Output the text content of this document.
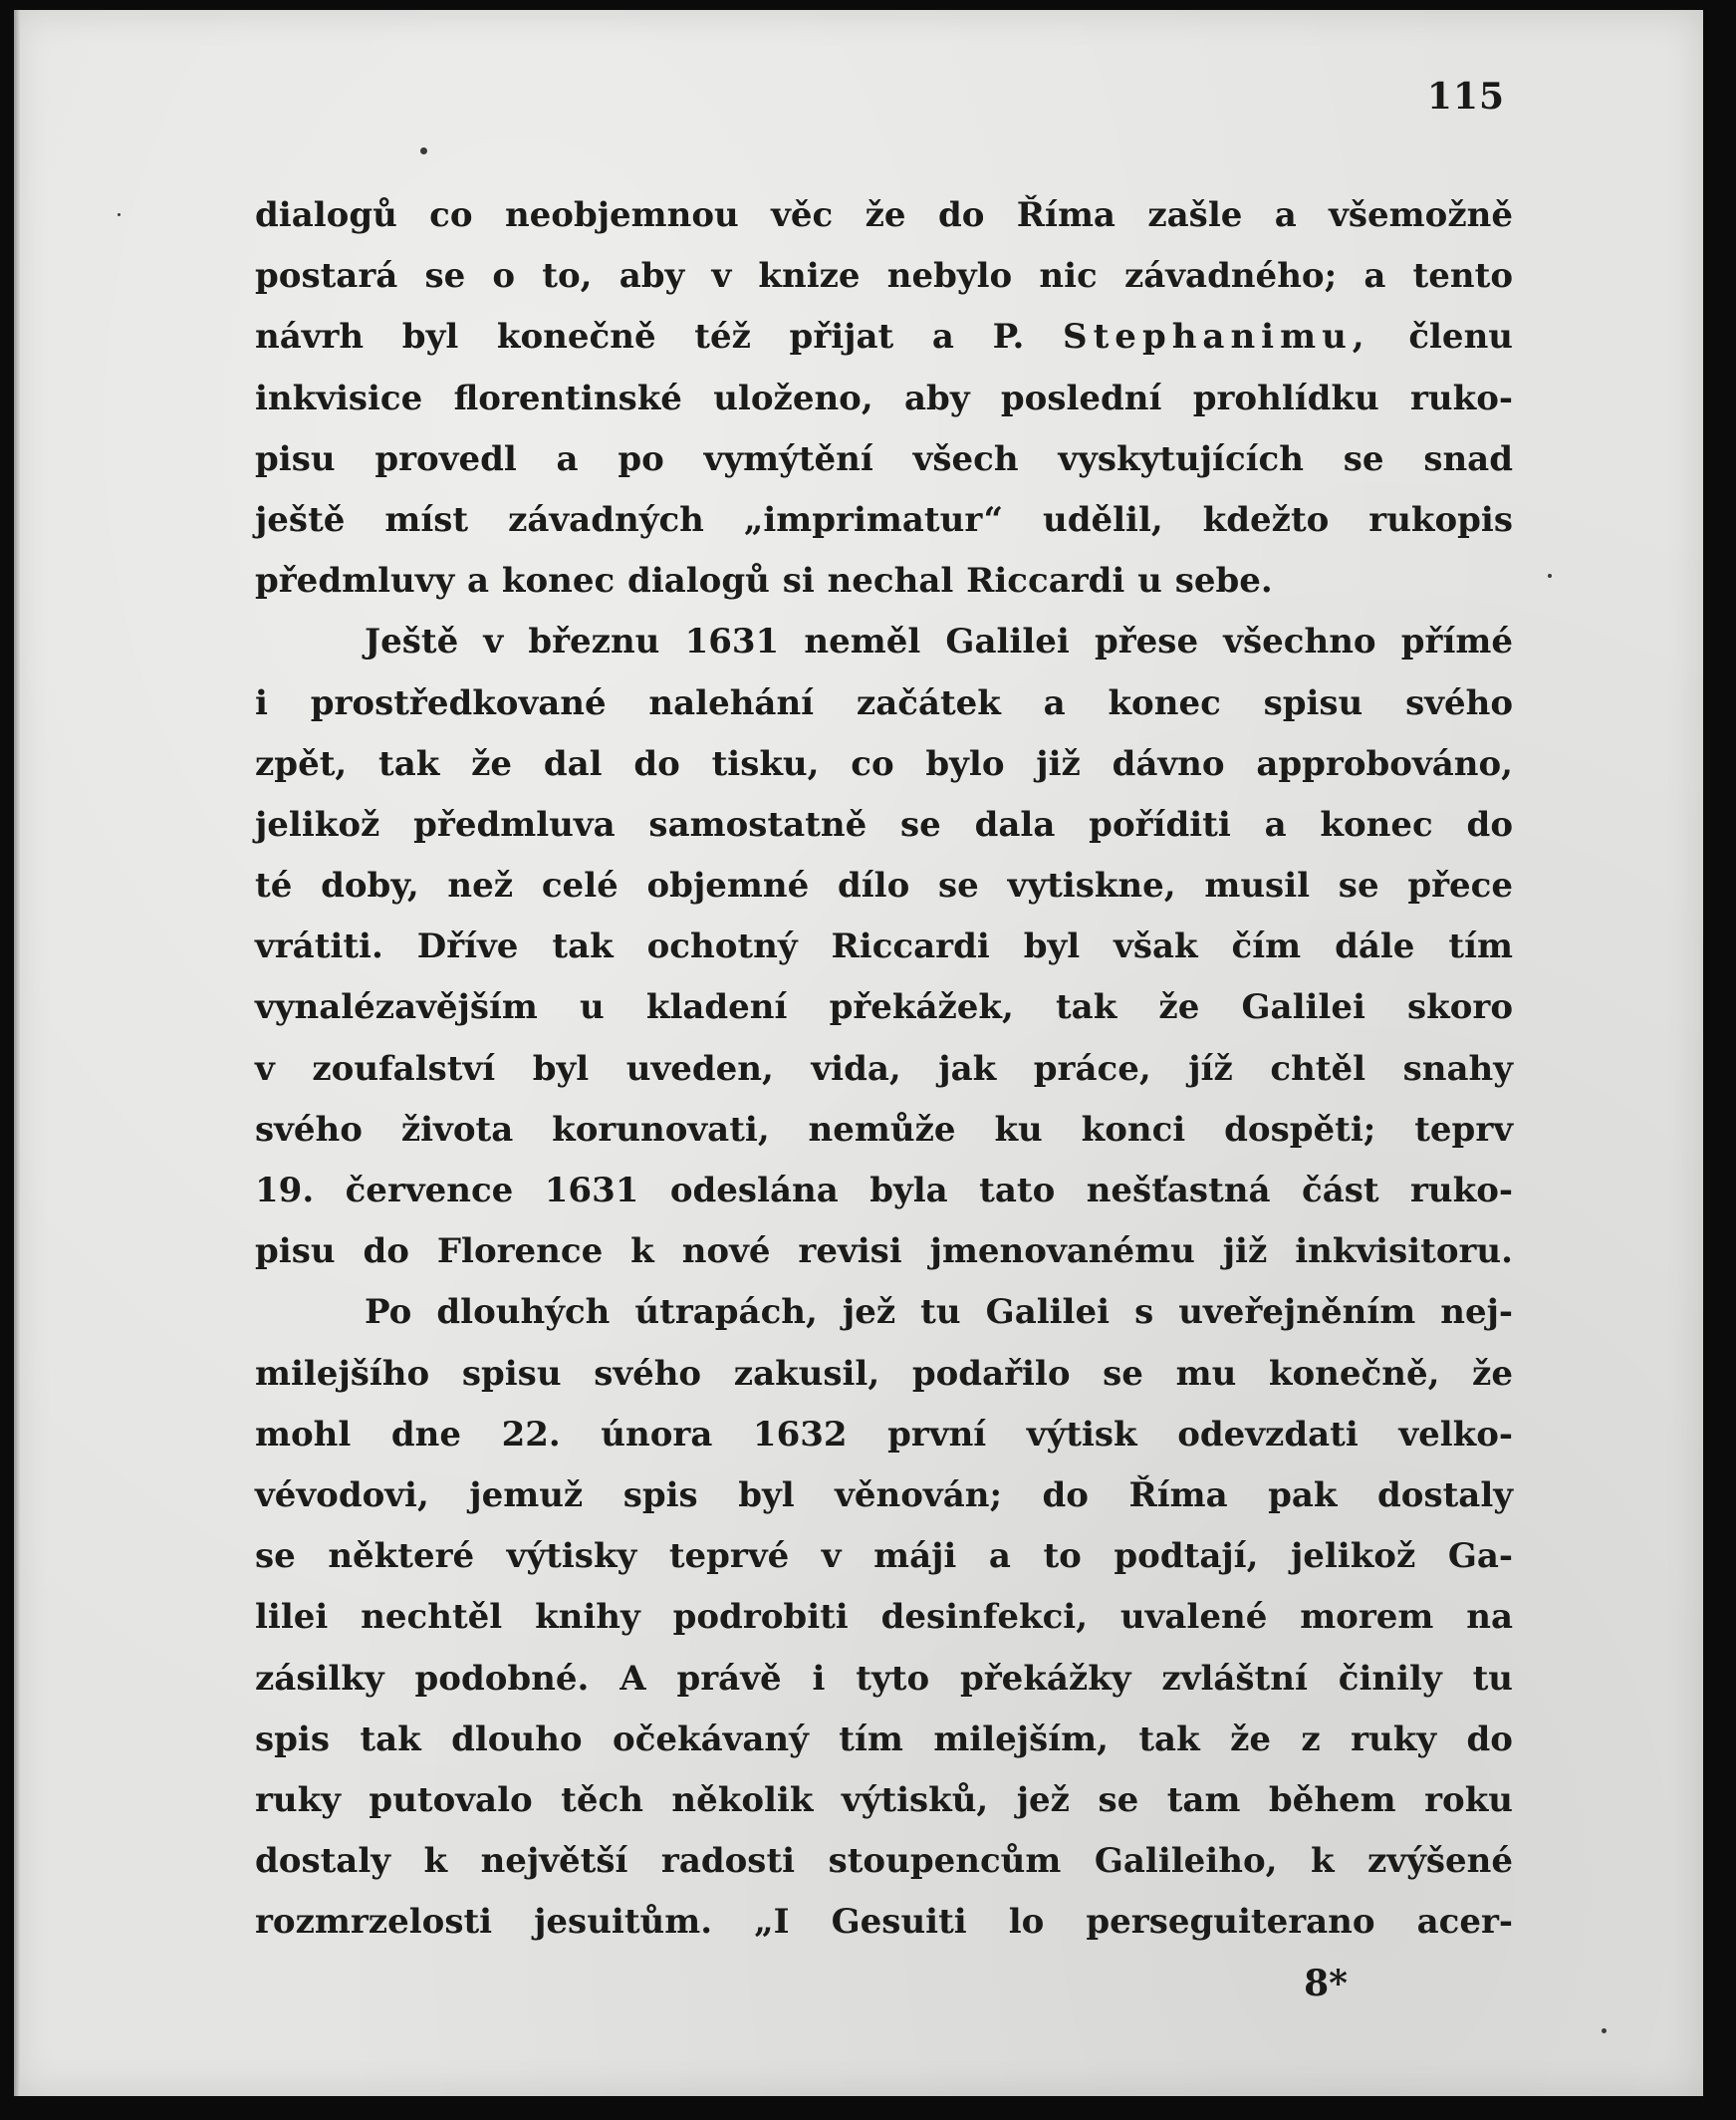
115
dialogů co neobjemnou věc že do Říma zašle a všemožně
postará se o to, aby v knize nebylo nic závadného; a tento
návrh byl konečně též přijat a P. Stephanimu, členu
inkvisice florentinské uloženo, aby poslední prohlídku ruko-
pisu provedl a po vymýtění všech vyskytujících se snad
ještě míst závadných „imprimatur“ udělil, kdežto rukopis
předmluvy a konec dialogů si nechal Riccardi u sebe.
Ještě v březnu 1631 neměl Galilei přese všechno přímé
i prostředkované nalehání začátek a konec spisu svého
zpět, tak že dal do tisku, co bylo již dávno approbováno,
jelikož předmluva samostatně se dala poříditi a konec do
té doby, než celé objemné dílo se vytiskne, musil se přece
vrátiti. Dříve tak ochotný Riccardi byl však čím dále tím
vynalézavějším u kladení překážek, tak že Galilei skoro
v zoufalství byl uveden, vida, jak práce, jíž chtěl snahy
svého života korunovati, nemůže ku konci dospěti; teprv
19. července 1631 odeslána byla tato nešťastná část ruko-
pisu do Florence k nové revisi jmenovanému již inkvisitoru.
Po dlouhých útrapách, jež tu Galilei s uveřejněním nej-
milejšího spisu svého zakusil, podařilo se mu konečně, že
mohl dne 22. února 1632 první výtisk odevzdati velko-
vévodovi, jemuž spis byl věnován; do Říma pak dostaly
se některé výtisky teprvé v máji a to podtají, jelikož Ga-
lilei nechtěl knihy podrobiti desinfekci, uvalené morem na
zásilky podobné. A právě i tyto překážky zvláštní činily tu
spis tak dlouho očekávaný tím milejším, tak že z ruky do
ruky putovalo těch několik výtisků, jež se tam během roku
dostaly k největší radosti stoupencům Galileiho, k zvýšené
rozmrzelosti jesuitům. „I Gesuiti lo perseguiterano acer-
8*
